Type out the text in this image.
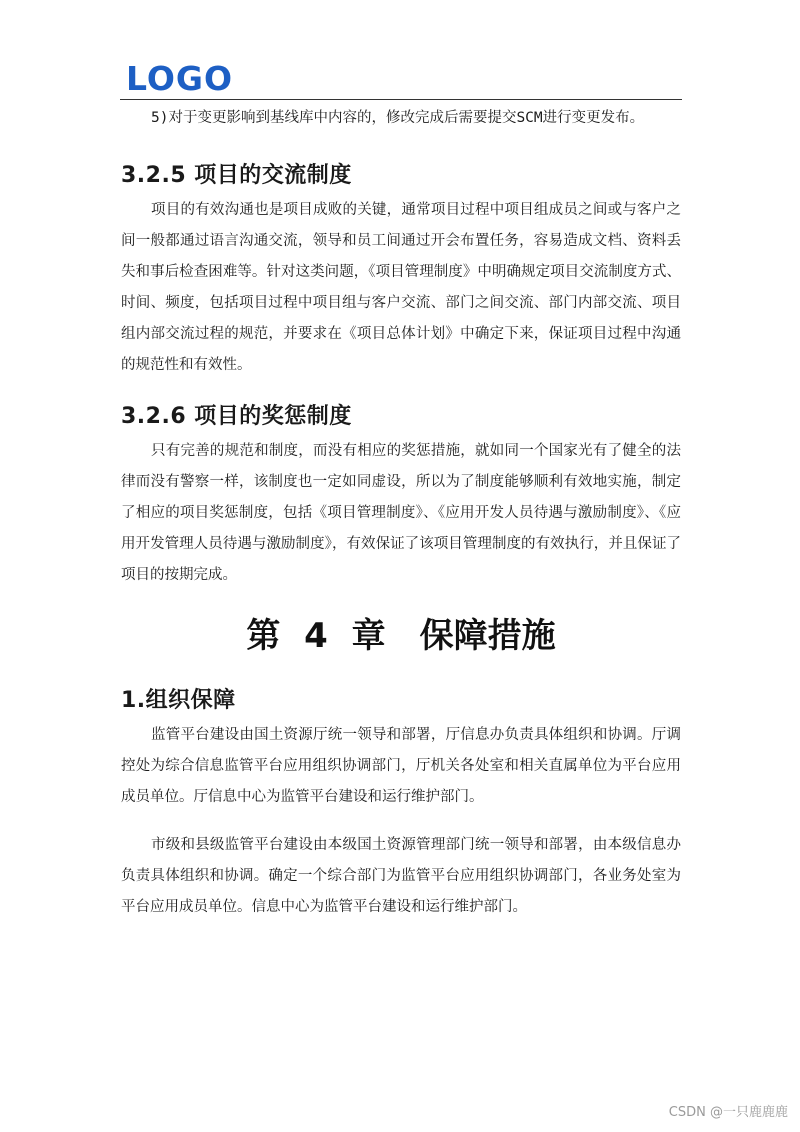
LOGO

5)对于变更影响到基线库中内容的，修改完成后需要提交SCM进行变更发布。

3.2.5 项目的交流制度

项目的有效沟通也是项目成败的关键，通常项目过程中项目组成员之间或与客户之间一般都通过语言沟通交流，领导和员工间通过开会布置任务，容易造成文档、资料丢失和事后检查困难等。针对这类问题，《项目管理制度》中明确规定项目交流制度方式、时间、频度，包括项目过程中项目组与客户交流、部门之间交流、部门内部交流、项目组内部交流过程的规范，并要求在《项目总体计划》中确定下来，保证项目过程中沟通的规范性和有效性。

3.2.6 项目的奖惩制度

只有完善的规范和制度，而没有相应的奖惩措施，就如同一个国家光有了健全的法律而没有警察一样，该制度也一定如同虚设，所以为了制度能够顺利有效地实施，制定了相应的项目奖惩制度，包括《项目管理制度》、《应用开发人员待遇与激励制度》、《应用开发管理人员待遇与激励制度》，有效保证了该项目管理制度的有效执行，并且保证了项目的按期完成。

第 4 章　保障措施
1.组织保障

监管平台建设由国土资源厅统一领导和部署，厅信息办负责具体组织和协调。厅调控处为综合信息监管平台应用组织协调部门，厅机关各处室和相关直属单位为平台应用成员单位。厅信息中心为监管平台建设和运行维护部门。

市级和县级监管平台建设由本级国土资源管理部门统一领导和部署，由本级信息办负责具体组织和协调。确定一个综合部门为监管平台应用组织协调部门，各业务处室为平台应用成员单位。信息中心为监管平台建设和运行维护部门。

CSDN @一只鹿鹿鹿
